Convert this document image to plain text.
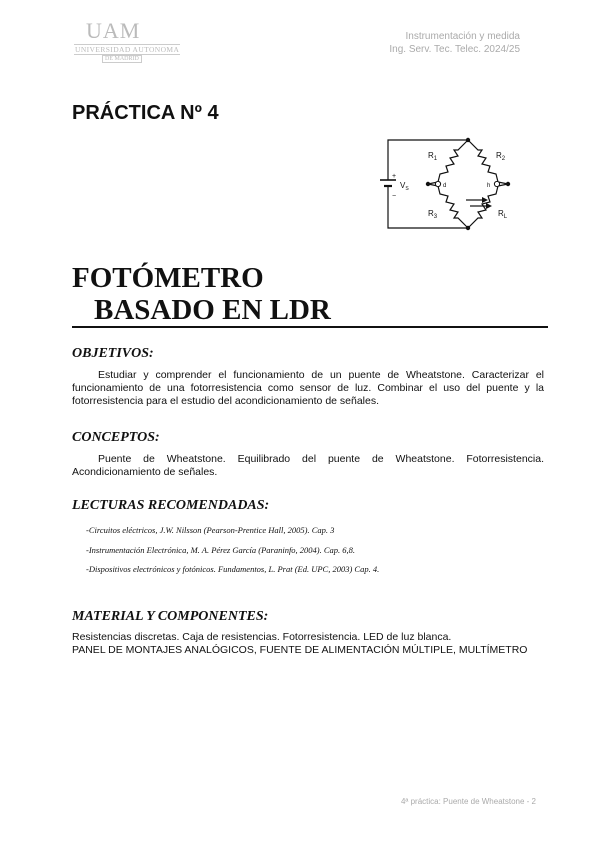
UAM
UNIVERSIDAD AUTONOMA
DE MADRID
Instrumentación y medida
Ing. Serv. Tec. Telec. 2024/25
PRÁCTICA Nº 4
$R_1$	$R_2$
$R_3$	$R_L$
$V_S$
+
−
d	h
FOTÓMETRO
BASADO EN LDR
OBJETIVOS:
Estudiar y comprender el funcionamiento de un puente de Wheatstone. Caracterizar el funcionamiento de una fotorresistencia como sensor de luz. Combinar el uso del puente y la fotorresistencia para el estudio del acondicionamiento de señales.
CONCEPTOS:
Puente de Wheatstone. Equilibrado del puente de Wheatstone. Fotorresistencia. Acondicionamiento de señales.
LECTURAS RECOMENDADAS:
-Circuitos eléctricos, J.W. Nilsson (Pearson-Prentice Hall, 2005). Cap. 3
-Instrumentación Electrónica, M. A. Pérez García (Paraninfo, 2004). Cap. 6,8.
-Dispositivos electrónicos y fotónicos. Fundamentos, L. Prat (Ed. UPC, 2003) Cap. 4.
MATERIAL Y COMPONENTES:
Resistencias discretas. Caja de resistencias. Fotorresistencia. LED de luz blanca.
PANEL DE MONTAJES ANALÓGICOS, FUENTE DE ALIMENTACIÓN MÚLTIPLE, MULTÍMETRO
4ª práctica: Puente de Wheatstone - 2
